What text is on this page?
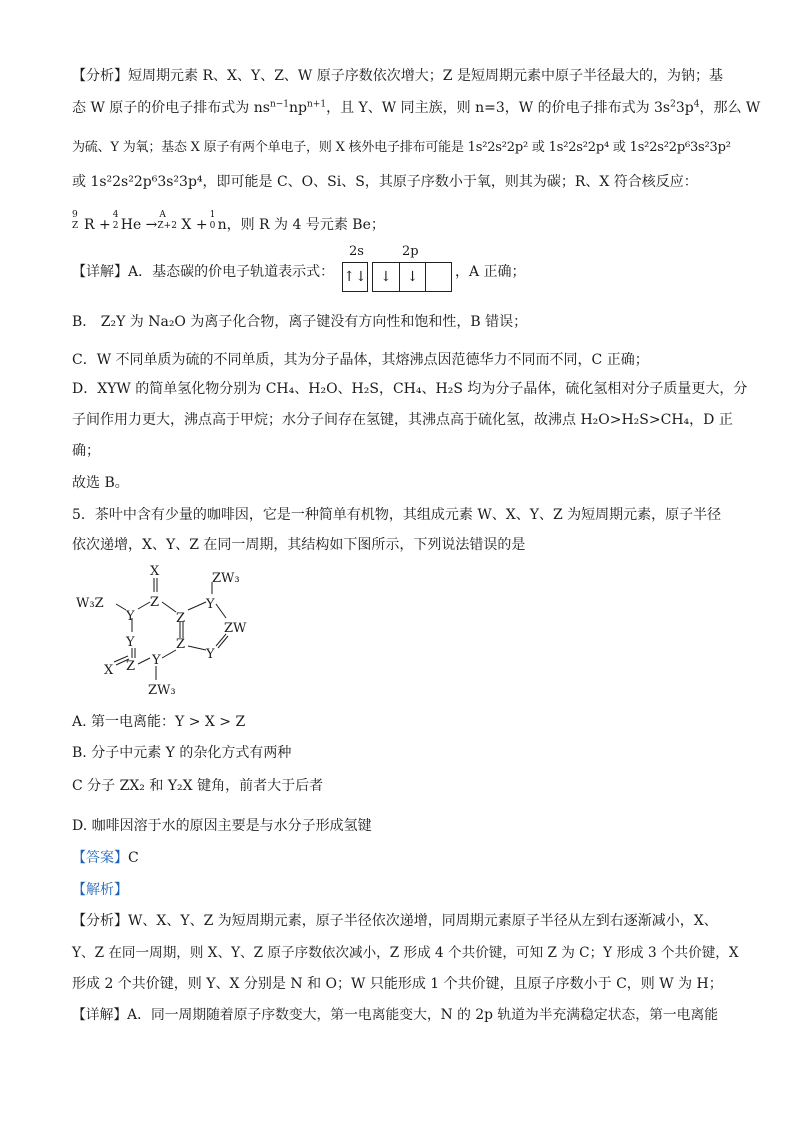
【分析】短周期元素 R、X、Y、Z、W 原子序数依次增大；Z 是短周期元素中原子半径最大的，为钠；基
态 W 原子的价电子排布式为 $ns^{n-1}np^{n+1}$，且 Y、W 同主族，则 n=3，W 的价电子排布式为 $3s^23p^4$，那么 W
为硫、Y 为氧；基态 X 原子有两个单电子，则 X 核外电子排布可能是 1s²2s²2p² 或 1s²2s²2p⁴ 或 1s²2s²2p⁶3s²3p²
或 1s²2s²2p⁶3s²3p⁴，即可能是 C、O、Si、S，其原子序数小于氧，则其为碳；R、X 符合核反应：
9
Z R +
4
2 He →
A
Z+2 X +
1
0 n，则 R 为 4 号元素 Be；
【详解】A．基态碳的价电子轨道表示式：
2s	2p
↑↓ ↓	↓	，A 正确；
B． Z₂Y 为 Na₂O 为离子化合物，离子键没有方向性和饱和性，B 错误；
C．W 不同单质为硫的不同单质，其为分子晶体，其熔沸点因范德华力不同而不同，C 正确；
D．XYW 的简单氢化物分别为 CH₄、H₂O、H₂S，CH₄、H₂S 均为分子晶体，硫化氢相对分子质量更大，分
子间作用力更大，沸点高于甲烷；水分子间存在氢键，其沸点高于硫化氢，故沸点 H₂O>H₂S>CH₄，D 正
确；
故选 B。
5．茶叶中含有少量的咖啡因，它是一种简单有机物，其组成元素 W、X、Y、Z 为短周期元素，原子半径
依次递增，X、Y、Z 在同一周期，其结构如下图所示，下列说法错误的是
X
W₃Z
ZW₃
Y
Z
Z
Y
ZW
Y	Z
Y
Z Y
X
ZW₃
A. 第一电离能：Y > X > Z
B. 分子中元素 Y 的杂化方式有两种
C 分子 ZX₂ 和 Y₂X 键角，前者大于后者
D. 咖啡因溶于水的原因主要是与水分子形成氢键
【答案】C
【解析】
【分析】W、X、Y、Z 为短周期元素，原子半径依次递增，同周期元素原子半径从左到右逐渐减小，X、
Y、Z 在同一周期，则 X、Y、Z 原子序数依次减小，Z 形成 4 个共价键，可知 Z 为 C；Y 形成 3 个共价键，X
形成 2 个共价键，则 Y、X 分别是 N 和 O；W 只能形成 1 个共价键，且原子序数小于 C，则 W 为 H；
【详解】A．同一周期随着原子序数变大，第一电离能变大，N 的 2p 轨道为半充满稳定状态，第一电离能
